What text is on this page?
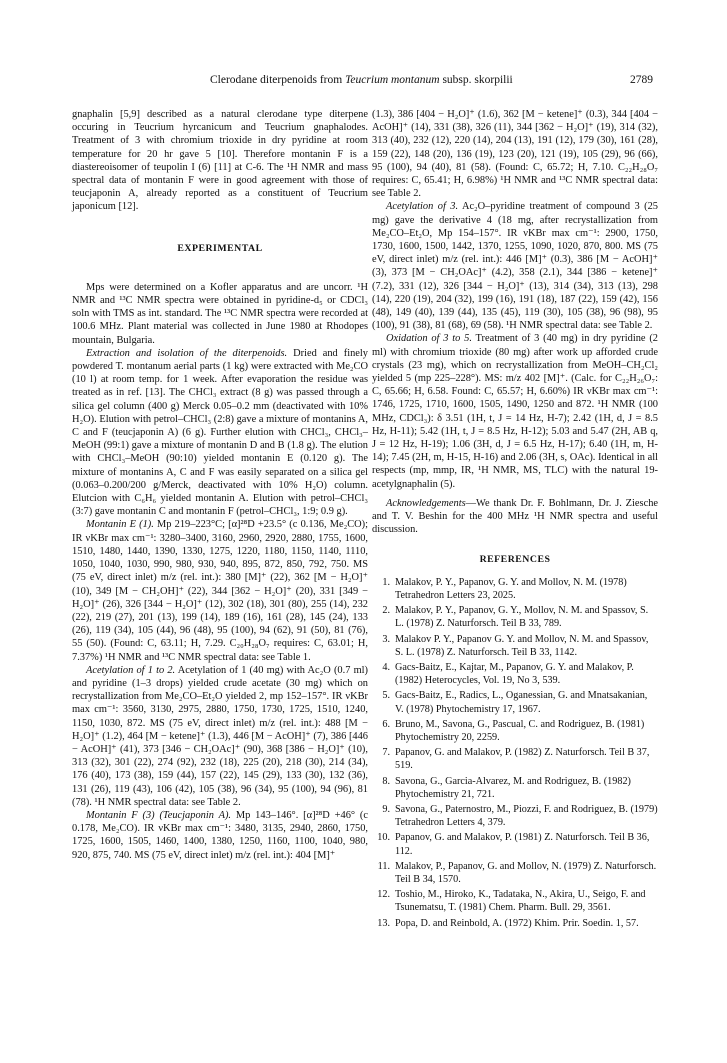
Clerodane diterpenoids from Teucrium montanum subsp. skorpilii	2789

gnaphalin [5,9] described as a natural clerodane type diterpene occuring in Teucrium hyrcanicum and Teucrium gnaphalodes. Treatment of 3 with chromium trioxide in dry pyridine at room temperature for 20 hr gave 5 [10]. Therefore montanin F is a diastereoisomer of teupolin I (6) [11] at C-6. The ¹H NMR and mass spectral data of montanin F were in good agreement with those of teucjaponin A, already reported as a constituent of Teucrium japonicum [12].

EXPERIMENTAL

Mps were determined on a Kofler apparatus and are uncorr. ¹H NMR and ¹³C NMR spectra were obtained in pyridine-d₅ or CDCl₃ soln with TMS as int. standard. The ¹³C NMR spectra were recorded at 100.6 MHz. Plant material was collected in June 1980 at Rhodopes mountain, Bulgaria.

Extraction and isolation of the diterpenoids. Dried and finely powdered T. montanum aerial parts (1 kg) were extracted with Me₂CO (10 l) at room temp. for 1 week. After evaporation the residue was treated as in ref. [13]. The CHCl₃ extract (8 g) was passed through a silica gel column (400 g) Merck 0.05–0.2 mm (deactivated with 10% H₂O). Elution with petrol–CHCl₃ (2:8) gave a mixture of montanins A, C and F (teucjaponin A) (6 g). Further elution with CHCl₃, CHCl₃–MeOH (99:1) gave a mixture of montanin D and B (1.8 g). The elution with CHCl₃–MeOH (90:10) yielded montanin E (0.120 g). The mixture of montanins A, C and F was easily separated on a silica gel (0.063–0.200/200 g/Merck, deactivated with 10% H₂O) column. Elutcion with C₆H₆ yielded montanin A. Elution with petrol–CHCl₃ (3:7) gave montanin C and montanin F (petrol–CHCl₃, 1:9; 0.9 g).

Montanin E (1). Mp 219–223°C; [α]²⁸D +23.5° (c 0.136, Me₂CO); IR νKBr max cm⁻¹: 3280–3400, 3160, 2960, 2920, 2880, 1755, 1600, 1510, 1480, 1440, 1390, 1330, 1275, 1220, 1180, 1150, 1140, 1110, 1050, 1040, 1030, 990, 980, 930, 940, 895, 872, 850, 792, 750. MS (75 eV, direct inlet) m/z (rel. int.): 380 [M]⁺ (22), 362 [M − H₂O]⁺ (10), 349 [M − CH₂OH]⁺ (22), 344 [362 − H₂O]⁺ (20), 331 [349 − H₂O]⁺ (26), 326 [344 − H₂O]⁺ (12), 302 (18), 301 (80), 255 (14), 232 (22), 219 (27), 201 (13), 199 (14), 189 (16), 161 (28), 145 (24), 133 (26), 119 (34), 105 (44), 96 (48), 95 (100), 94 (62), 91 (50), 81 (76), 55 (50). (Found: C, 63.11; H, 7.29. C₂₀H₂₈O₇ requires: C, 63.01; H, 7.37%) ¹H NMR and ¹³C NMR spectral data: see Table 1.

Acetylation of 1 to 2. Acetylation of 1 (40 mg) with Ac₂O (0.7 ml) and pyridine (1–3 drops) yielded crude acetate (30 mg) which on recrystallization from Me₂CO–Et₂O yielded 2, mp 152–157°. IR νKBr max cm⁻¹: 3560, 3130, 2975, 2880, 1750, 1730, 1725, 1510, 1240, 1150, 1030, 872. MS (75 eV, direct inlet) m/z (rel. int.): 488 [M − H₂O]⁺ (1.2), 464 [M − ketene]⁺ (1.3), 446 [M − AcOH]⁺ (7), 386 [446 − AcOH]⁺ (41), 373 [346 − CH₂OAc]⁺ (90), 368 [386 − H₂O]⁺ (10), 313 (32), 301 (22), 274 (92), 232 (18), 225 (20), 218 (30), 214 (34), 176 (40), 173 (38), 159 (44), 157 (22), 145 (29), 133 (30), 132 (36), 131 (26), 119 (43), 106 (42), 105 (38), 96 (34), 95 (100), 94 (96), 81 (78). ¹H NMR spectral data: see Table 2.

Montanin F (3) (Teucjaponin A). Mp 143–146°. [α]²⁸D +46° (c 0.178, Me₂CO). IR νKBr max cm⁻¹: 3480, 3135, 2940, 2860, 1750, 1725, 1600, 1505, 1460, 1400, 1380, 1250, 1160, 1100, 1040, 980, 920, 875, 740. MS (75 eV, direct inlet) m/z (rel. int.): 404 [M]⁺

(1.3), 386 [404 − H₂O]⁺ (1.6), 362 [M − ketene]⁺ (0.3), 344 [404 − AcOH]⁺ (14), 331 (38), 326 (11), 344 [362 − H₂O]⁺ (19), 314 (32), 313 (40), 232 (12), 220 (14), 204 (13), 191 (12), 179 (30), 161 (28), 159 (22), 148 (20), 136 (19), 123 (20), 121 (19), 105 (29), 96 (66), 95 (100), 94 (40), 81 (58). (Found: C, 65.72; H, 7.10. C₂₂H₂₈O₇ requires: C, 65.41; H, 6.98%) ¹H NMR and ¹³C NMR spectral data: see Table 2.

Acetylation of 3. Ac₂O–pyridine treatment of compound 3 (25 mg) gave the derivative 4 (18 mg, after recrystallization from Me₂CO–Et₂O, Mp 154–157°. IR νKBr max cm⁻¹: 2900, 1750, 1730, 1600, 1500, 1442, 1370, 1255, 1090, 1020, 870, 800. MS (75 eV, direct inlet) m/z (rel. int.): 446 [M]⁺ (0.3), 386 [M − AcOH]⁺ (3), 373 [M − CH₂OAc]⁺ (4.2), 358 (2.1), 344 [386 − ketene]⁺ (7.2), 331 (12), 326 [344 − H₂O]⁺ (13), 314 (34), 313 (13), 298 (14), 220 (19), 204 (32), 199 (16), 191 (18), 187 (22), 159 (42), 156 (48), 149 (40), 139 (44), 135 (45), 119 (30), 105 (38), 96 (98), 95 (100), 91 (38), 81 (68), 69 (58). ¹H NMR spectral data: see Table 2.

Oxidation of 3 to 5. Treatment of 3 (40 mg) in dry pyridine (2 ml) with chromium trioxide (80 mg) after work up afforded crude crystals (23 mg), which on recrystallization from MeOH–CH₂Cl₂ yielded 5 (mp 225–228°). MS: m/z 402 [M]⁺. (Calc. for C₂₂H₂₆O₇: C, 65.66; H, 6.58. Found: C, 65.57; H, 6.60%) IR νKBr max cm⁻¹: 1746, 1725, 1710, 1600, 1505, 1490, 1250 and 872. ¹H NMR (100 MHz, CDCl₃): δ 3.51 (1H, t, J = 14 Hz, H-7); 2.42 (1H, d, J = 8.5 Hz, H-11); 5.42 (1H, t, J = 8.5 Hz, H-12); 5.03 and 5.47 (2H, AB q, J = 12 Hz, H-19); 1.06 (3H, d, J = 6.5 Hz, H-17); 6.40 (1H, m, H-14); 7.45 (2H, m, H-15, H-16) and 2.06 (3H, s, OAc). Identical in all respects (mp, mmp, IR, ¹H NMR, MS, TLC) with the natural 19-acetylgnaphalin (5).

Acknowledgements—We thank Dr. F. Bohlmann, Dr. J. Ziesche and T. V. Beshin for the 400 MHz ¹H NMR spectra and useful discussion.

REFERENCES
1. Malakov, P. Y., Papanov, G. Y. and Mollov, N. M. (1978) Tetrahedron Letters 23, 2025.
2. Malakov, P. Y., Papanov, G. Y., Mollov, N. M. and Spassov, S. L. (1978) Z. Naturforsch. Teil B 33, 789.
3. Malakov P. Y., Papanov G. Y. and Mollov, N. M. and Spassov, S. L. (1978) Z. Naturforsch. Teil B 33, 1142.
4. Gacs-Baitz, E., Kajtar, M., Papanov, G. Y. and Malakov, P. (1982) Heterocycles, Vol. 19, No 3, 539.
5. Gacs-Baitz, E., Radics, L., Oganessian, G. and Mnatsakanian, V. (1978) Phytochemistry 17, 1967.
6. Bruno, M., Savona, G., Pascual, C. and Rodriguez, B. (1981) Phytochemistry 20, 2259.
7. Papanov, G. and Malakov, P. (1982) Z. Naturforsch. Teil B 37, 519.
8. Savona, G., Garcia-Alvarez, M. and Rodriguez, B. (1982) Phytochemistry 21, 721.
9. Savona, G., Paternostro, M., Piozzi, F. and Rodriguez, B. (1979) Tetrahedron Letters 4, 379.
10. Papanov, G. and Malakov, P. (1981) Z. Naturforsch. Teil B 36, 112.
11. Malakov, P., Papanov, G. and Mollov, N. (1979) Z. Naturforsch. Teil B 34, 1570.
12. Toshio, M., Hiroko, K., Tadataka, N., Akira, U., Seigo, F. and Tsunematsu, T. (1981) Chem. Pharm. Bull. 29, 3561.
13. Popa, D. and Reinbold, A. (1972) Khim. Prir. Soedin. 1, 57.
